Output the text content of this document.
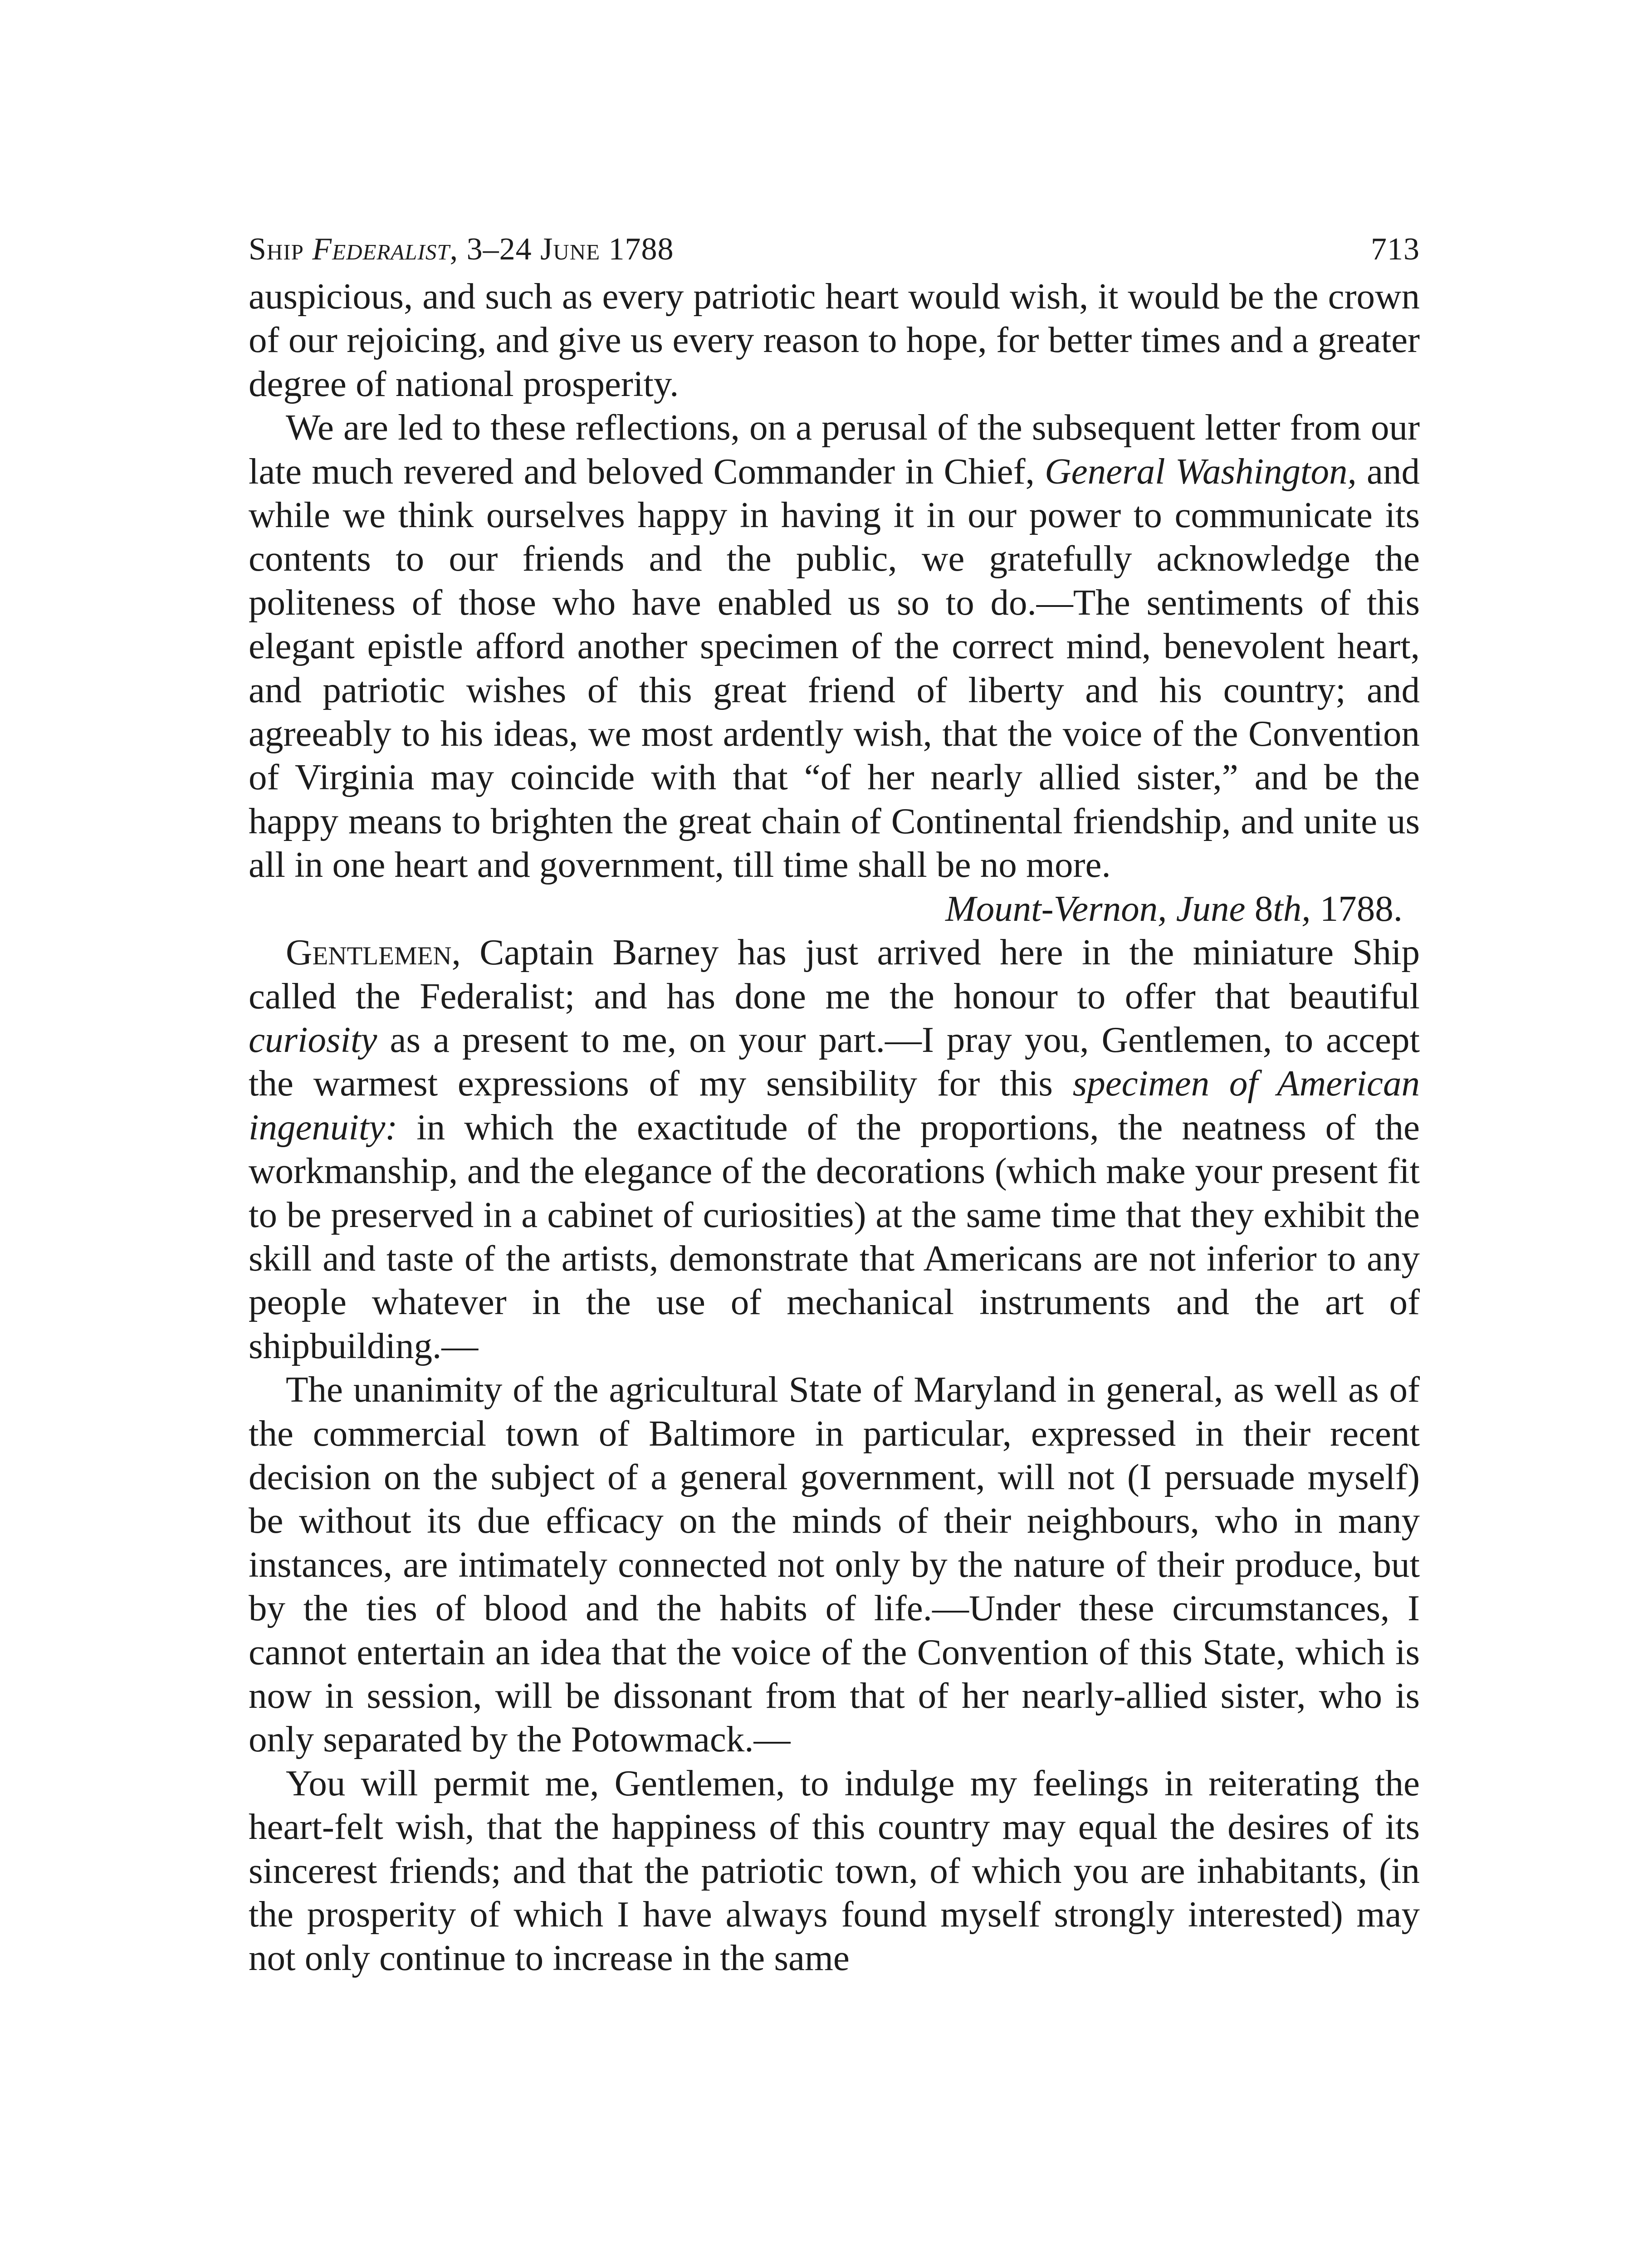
Ship Federalist, 3–24 June 1788	713

auspicious, and such as every patriotic heart would wish, it would be the crown of our rejoicing, and give us every reason to hope, for better times and a greater degree of national prosperity.

We are led to these reflections, on a perusal of the subsequent letter from our late much revered and beloved Commander in Chief, General Washington, and while we think ourselves happy in having it in our power to communicate its contents to our friends and the public, we gratefully acknowledge the politeness of those who have enabled us so to do.—The sentiments of this elegant epistle afford another specimen of the correct mind, benevolent heart, and patriotic wishes of this great friend of liberty and his country; and agreeably to his ideas, we most ardently wish, that the voice of the Convention of Virginia may coincide with that “of her nearly allied sister,” and be the happy means to brighten the great chain of Continental friendship, and unite us all in one heart and government, till time shall be no more.

Mount-Vernon, June 8th, 1788.

Gentlemen, Captain Barney has just arrived here in the miniature Ship called the Federalist; and has done me the honour to offer that beautiful curiosity as a present to me, on your part.—I pray you, Gentlemen, to accept the warmest expressions of my sensibility for this specimen of American ingenuity: in which the exactitude of the proportions, the neatness of the workmanship, and the elegance of the decorations (which make your present fit to be preserved in a cabinet of curiosities) at the same time that they exhibit the skill and taste of the artists, demonstrate that Americans are not inferior to any people whatever in the use of mechanical instruments and the art of shipbuilding.—

The unanimity of the agricultural State of Maryland in general, as well as of the commercial town of Baltimore in particular, expressed in their recent decision on the subject of a general government, will not (I persuade myself) be without its due efficacy on the minds of their neighbours, who in many instances, are intimately connected not only by the nature of their produce, but by the ties of blood and the habits of life.—Under these circumstances, I cannot entertain an idea that the voice of the Convention of this State, which is now in session, will be dissonant from that of her nearly-allied sister, who is only separated by the Potowmack.—

You will permit me, Gentlemen, to indulge my feelings in reiterating the heart-felt wish, that the happiness of this country may equal the desires of its sincerest friends; and that the patriotic town, of which you are inhabitants, (in the prosperity of which I have always found myself strongly interested) may not only continue to increase in the same
